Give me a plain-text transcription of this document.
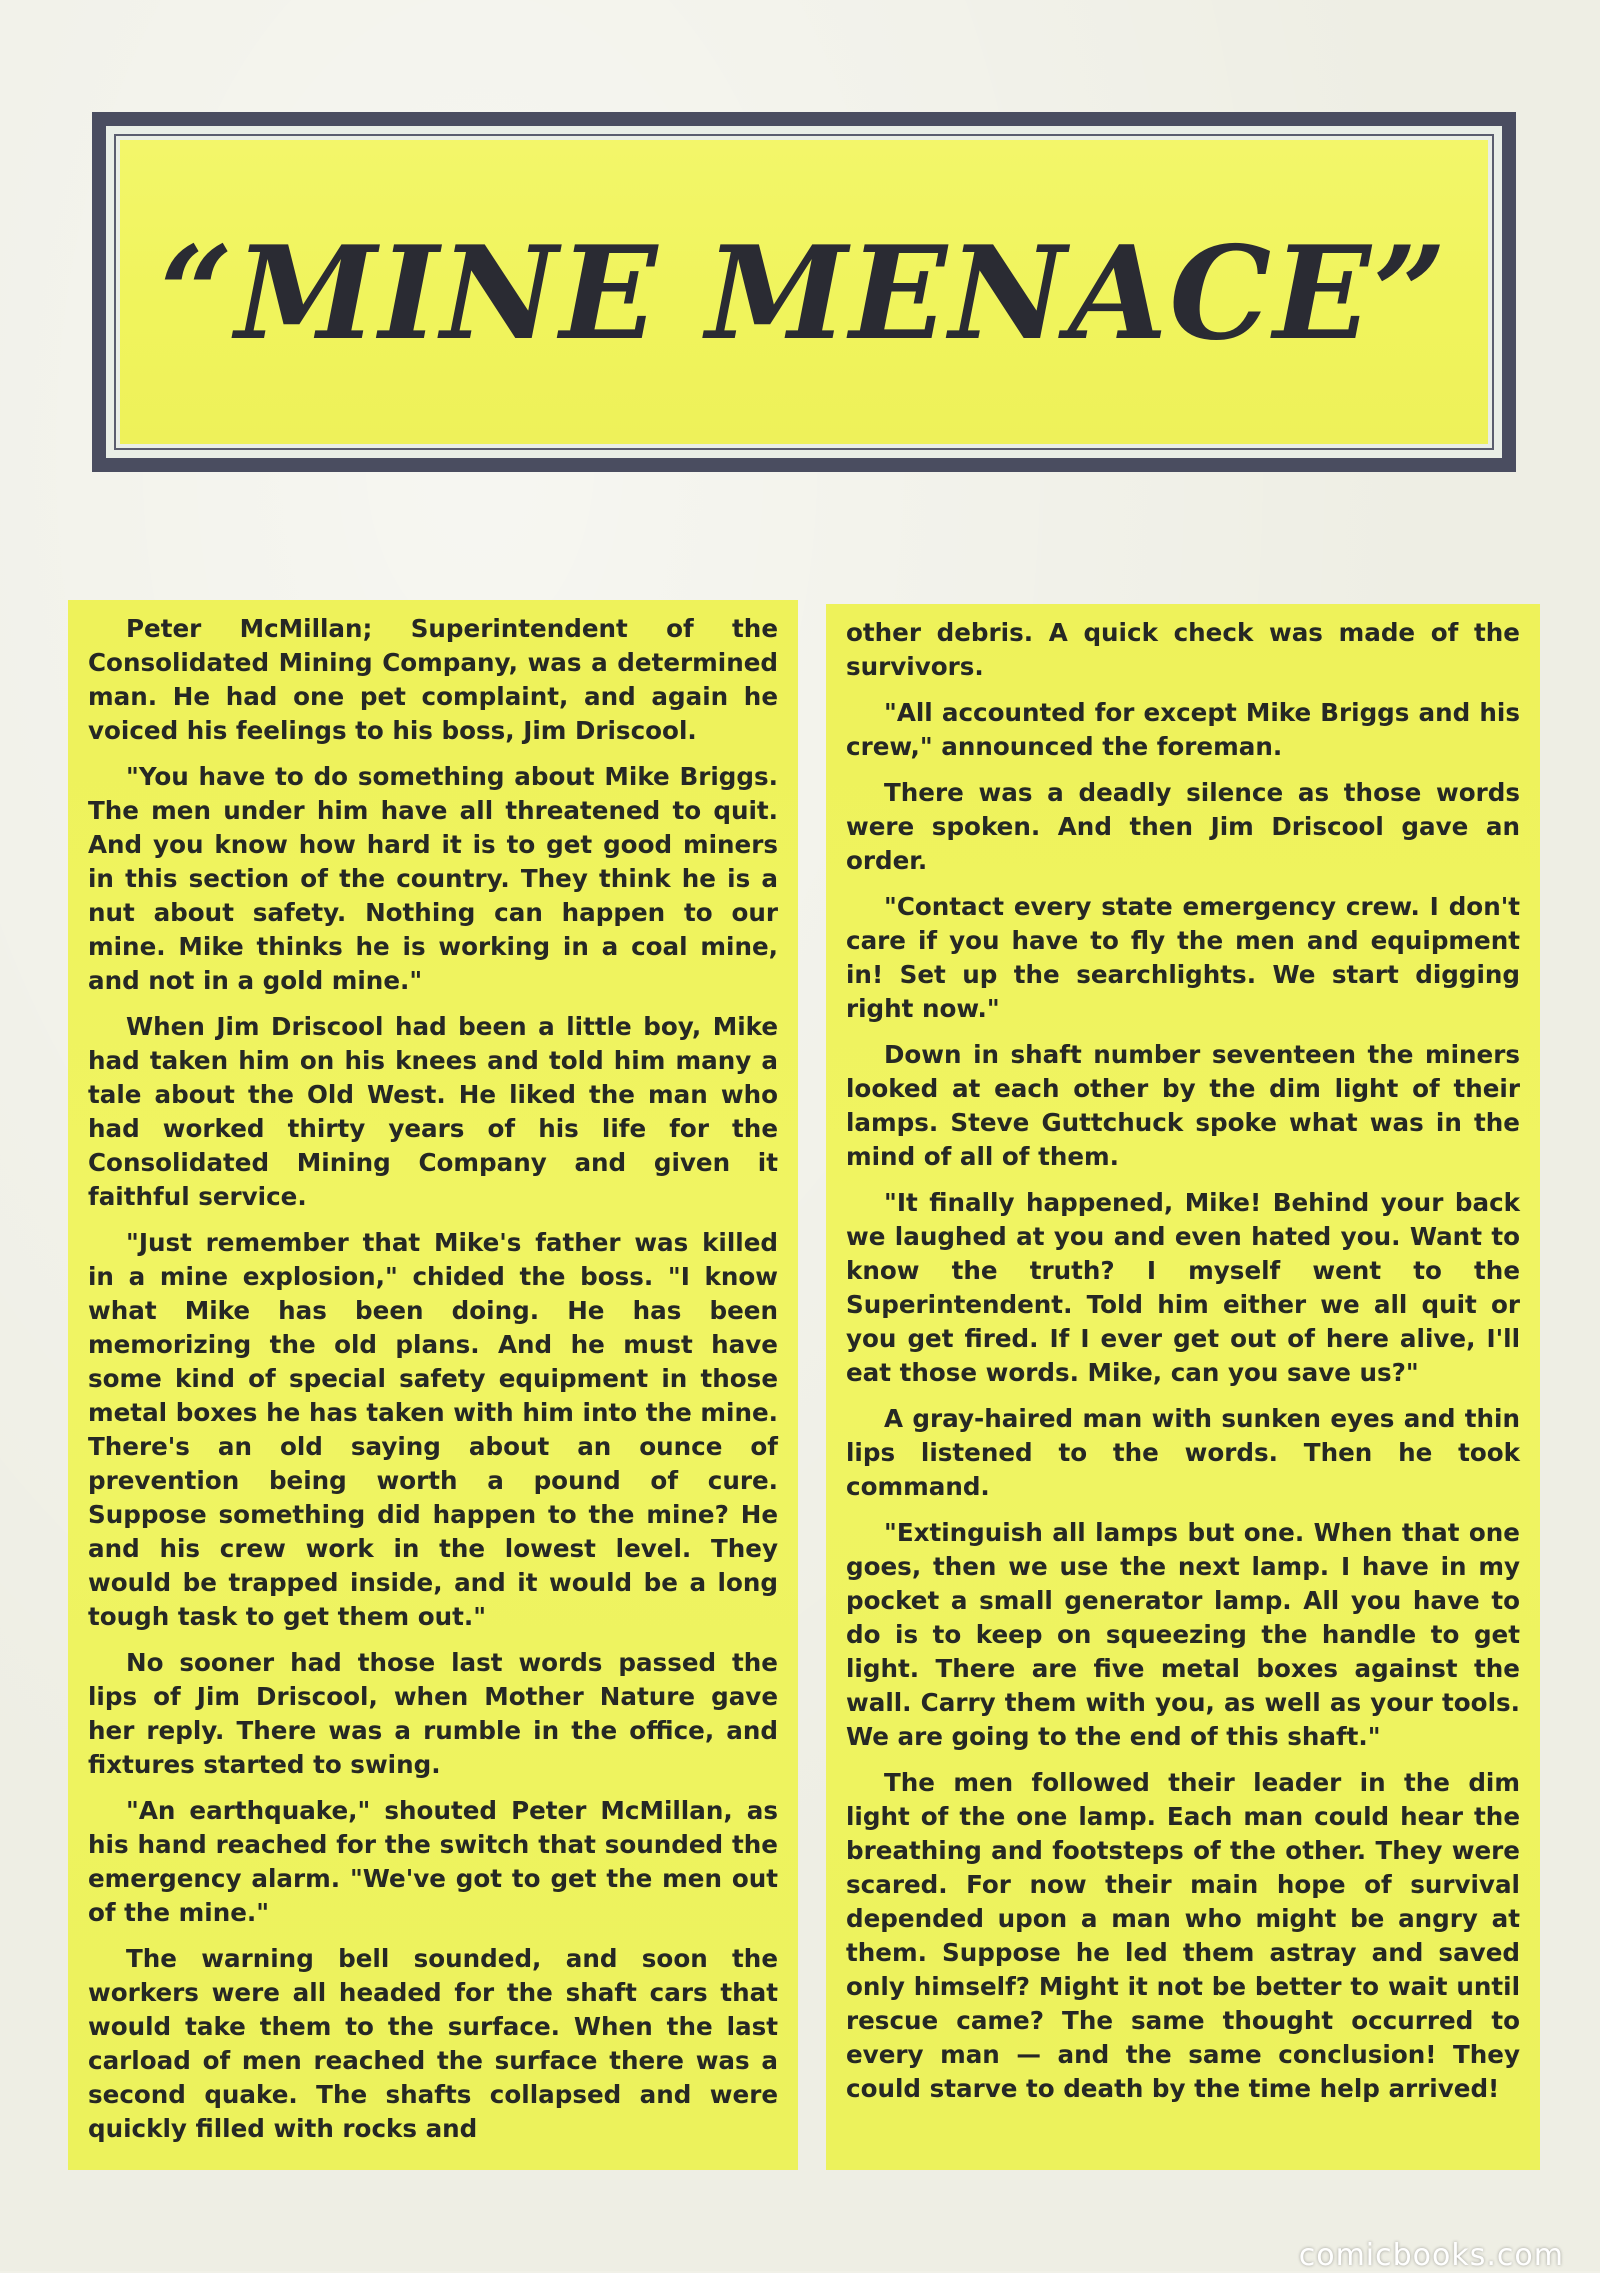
“MINE MENACE”

Peter McMillan; Superintendent of the Consolidated Mining Company, was a determined man. He had one pet complaint, and again he voiced his feelings to his boss, Jim Driscool.

"You have to do something about Mike Briggs. The men under him have all threatened to quit. And you know how hard it is to get good miners in this section of the country. They think he is a nut about safety. Nothing can happen to our mine. Mike thinks he is working in a coal mine, and not in a gold mine."

When Jim Driscool had been a little boy, Mike had taken him on his knees and told him many a tale about the Old West. He liked the man who had worked thirty years of his life for the Consolidated Mining Company and given it faithful service.

"Just remember that Mike's father was killed in a mine explosion," chided the boss. "I know what Mike has been doing. He has been memorizing the old plans. And he must have some kind of special safety equipment in those metal boxes he has taken with him into the mine. There's an old saying about an ounce of prevention being worth a pound of cure. Suppose something did happen to the mine? He and his crew work in the lowest level. They would be trapped inside, and it would be a long tough task to get them out."

No sooner had those last words passed the lips of Jim Driscool, when Mother Nature gave her reply. There was a rumble in the office, and fixtures started to swing.

"An earthquake," shouted Peter McMillan, as his hand reached for the switch that sounded the emergency alarm. "We've got to get the men out of the mine."

The warning bell sounded, and soon the workers were all headed for the shaft cars that would take them to the surface. When the last carload of men reached the surface there was a second quake. The shafts collapsed and were quickly filled with rocks and

other debris. A quick check was made of the survivors.

"All accounted for except Mike Briggs and his crew," announced the foreman.

There was a deadly silence as those words were spoken. And then Jim Driscool gave an order.

"Contact every state emergency crew. I don't care if you have to fly the men and equipment in! Set up the searchlights. We start digging right now."

Down in shaft number seventeen the miners looked at each other by the dim light of their lamps. Steve Guttchuck spoke what was in the mind of all of them.

"It finally happened, Mike! Behind your back we laughed at you and even hated you. Want to know the truth? I myself went to the Superintendent. Told him either we all quit or you get fired. If I ever get out of here alive, I'll eat those words. Mike, can you save us?"

A gray-haired man with sunken eyes and thin lips listened to the words. Then he took command.

"Extinguish all lamps but one. When that one goes, then we use the next lamp. I have in my pocket a small generator lamp. All you have to do is to keep on squeezing the handle to get light. There are five metal boxes against the wall. Carry them with you, as well as your tools. We are going to the end of this shaft."

The men followed their leader in the dim light of the one lamp. Each man could hear the breathing and footsteps of the other. They were scared. For now their main hope of survival depended upon a man who might be angry at them. Suppose he led them astray and saved only himself? Might it not be better to wait until rescue came? The same thought occurred to every man — and the same conclusion! They could starve to death by the time help arrived!

comicbooks.com
